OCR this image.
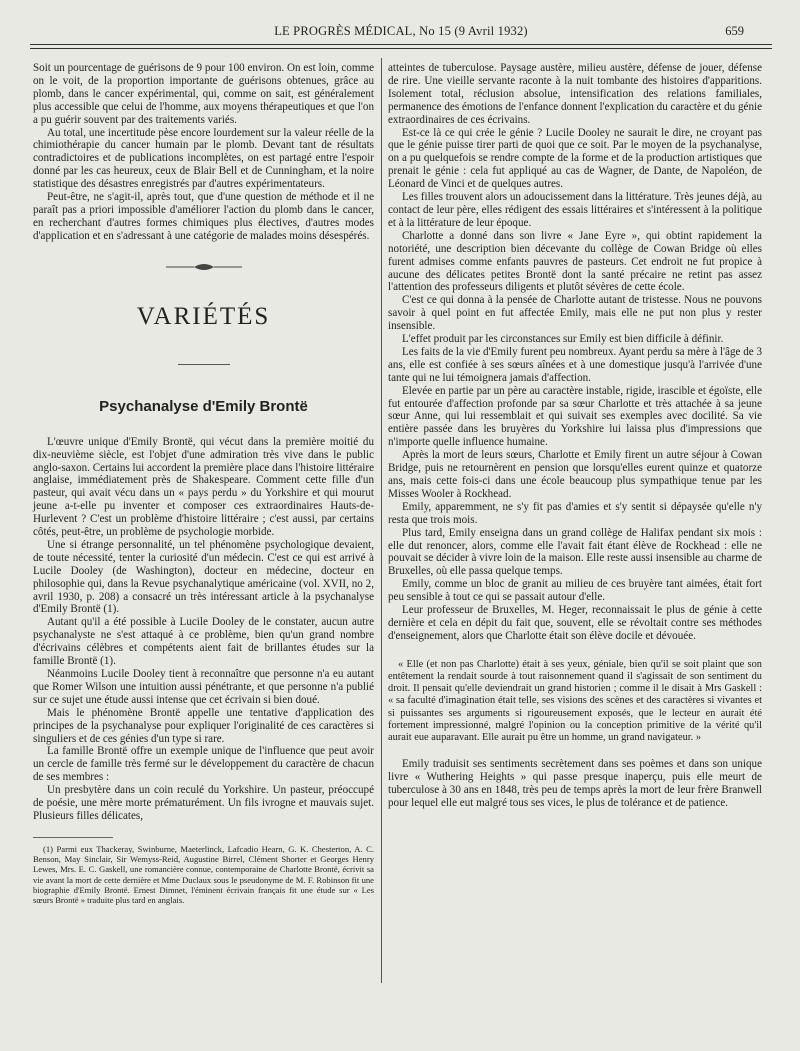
LE PROGRÈS MÉDICAL, No 15 (9 Avril 1932)	659

Soit un pourcentage de guérisons de 9 pour 100 environ. On est loin, comme on le voit, de la proportion importante de guérisons obtenues, grâce au plomb, dans le cancer expérimental, qui, comme on sait, est généralement plus accessible que celui de l'homme, aux moyens thérapeutiques et que l'on a pu guérir souvent par des traitements variés.

Au total, une incertitude pèse encore lourdement sur la valeur réelle de la chimiothérapie du cancer humain par le plomb. Devant tant de résultats contradictoires et de publications incomplètes, on est partagé entre l'espoir donné par les cas heureux, ceux de Blair Bell et de Cunningham, et la noire statistique des désastres enregistrés par d'autres expérimentateurs.

Peut-être, ne s'agit-il, après tout, que d'une question de méthode et il ne paraît pas a priori impossible d'améliorer l'action du plomb dans le cancer, en recherchant d'autres formes chimiques plus électives, d'autres modes d'application et en s'adressant à une catégorie de malades moins désespérés.

VARIÉTÉS
Psychanalyse d'Emily Brontë

L'œuvre unique d'Emily Brontë, qui vécut dans la première moitié du dix-neuvième siècle, est l'objet d'une admiration très vive dans le public anglo-saxon. Certains lui accordent la première place dans l'histoire littéraire anglaise, immédiatement près de Shakespeare. Comment cette fille d'un pasteur, qui avait vécu dans un « pays perdu » du Yorkshire et qui mourut jeune a-t-elle pu inventer et composer ces extraordinaires Hauts-de-Hurlevent ? C'est un problème d'histoire littéraire ; c'est aussi, par certains côtés, peut-être, un problème de psychologie morbide.

Une si étrange personnalité, un tel phénomène psychologique devaient, de toute nécessité, tenter la curiosité d'un médecin. C'est ce qui est arrivé à Lucile Dooley (de Washington), docteur en médecine, docteur en philosophie qui, dans la Revue psychanalytique américaine (vol. XVII, no 2, avril 1930, p. 208) a consacré un très intéressant article à la psychanalyse d'Emily Brontë (1).

Autant qu'il a été possible à Lucile Dooley de le constater, aucun autre psychanalyste ne s'est attaqué à ce problème, bien qu'un grand nombre d'écrivains célèbres et compétents aient fait de brillantes études sur la famille Brontë (1).

Néanmoins Lucile Dooley tient à reconnaître que personne n'a eu autant que Romer Wilson une intuition aussi pénétrante, et que personne n'a publié sur ce sujet une étude aussi intense que cet écrivain si bien doué.

Mais le phénomène Brontë appelle une tentative d'application des principes de la psychanalyse pour expliquer l'originalité de ces caractères si singuliers et de ces génies d'un type si rare.

La famille Brontë offre un exemple unique de l'influence que peut avoir un cercle de famille très fermé sur le développement du caractère de chacun de ses membres :

Un presbytère dans un coin reculé du Yorkshire. Un pasteur, préoccupé de poésie, une mère morte prématurément. Un fils ivrogne et mauvais sujet. Plusieurs filles délicates,

(1) Parmi eux Thackeray, Swinburne, Maeterlinck, Lafcadio Hearn, G. K. Chesterton, A. C. Benson, May Sinclair, Sir Wemyss-Reid, Augustine Birrel, Clément Shorter et Georges Henry Lewes, Mrs. E. C. Gaskell, une romancière connue, contemporaine de Charlotte Brontë, écrivit sa vie avant la mort de cette dernière et Mme Duclaux sous le pseudonyme de M. F. Robinson fit une biographie d'Emily Brontë. Ernest Dimnet, l'éminent écrivain français fit une étude sur « Les sœurs Brontë » traduite plus tard en anglais.

atteintes de tuberculose. Paysage austère, milieu austère, défense de jouer, défense de rire. Une vieille servante raconte à la nuit tombante des histoires d'apparitions. Isolement total, réclusion absolue, intensification des relations familiales, permanence des émotions de l'enfance donnent l'explication du caractère et du génie extraordinaires de ces écrivains.

Est-ce là ce qui crée le génie ? Lucile Dooley ne saurait le dire, ne croyant pas que le génie puisse tirer parti de quoi que ce soit. Par le moyen de la psychanalyse, on a pu quelquefois se rendre compte de la forme et de la production artistiques que prenait le génie : cela fut appliqué au cas de Wagner, de Dante, de Napoléon, de Léonard de Vinci et de quelques autres.

Les filles trouvent alors un adoucissement dans la littérature. Très jeunes déjà, au contact de leur père, elles rédigent des essais littéraires et s'intéressent à la politique et à la littérature de leur époque.

Charlotte a donné dans son livre « Jane Eyre », qui obtint rapidement la notoriété, une description bien décevante du collège de Cowan Bridge où elles furent admises comme enfants pauvres de pasteurs. Cet endroit ne fut propice à aucune des délicates petites Brontë dont la santé précaire ne retint pas assez l'attention des professeurs diligents et plutôt sévères de cette école.

C'est ce qui donna à la pensée de Charlotte autant de tristesse. Nous ne pouvons savoir à quel point en fut affectée Emily, mais elle ne put non plus y rester insensible.

L'effet produit par les circonstances sur Emily est bien difficile à définir.

Les faits de la vie d'Emily furent peu nombreux. Ayant perdu sa mère à l'âge de 3 ans, elle est confiée à ses sœurs aînées et à une domestique jusqu'à l'arrivée d'une tante qui ne lui témoignera jamais d'affection.

Elevée en partie par un père au caractère instable, rigide, irascible et égoïste, elle fut entourée d'affection profonde par sa sœur Charlotte et très attachée à sa jeune sœur Anne, qui lui ressemblait et qui suivait ses exemples avec docilité. Sa vie entière passée dans les bruyères du Yorkshire lui laissa plus d'impressions que n'importe quelle influence humaine.

Après la mort de leurs sœurs, Charlotte et Emily firent un autre séjour à Cowan Bridge, puis ne retournèrent en pension que lorsqu'elles eurent quinze et quatorze ans, mais cette fois-ci dans une école beaucoup plus sympathique tenue par les Misses Wooler à Rockhead.

Emily, apparemment, ne s'y fit pas d'amies et s'y sentit si dépaysée qu'elle n'y resta que trois mois.

Plus tard, Emily enseigna dans un grand collège de Halifax pendant six mois : elle dut renoncer, alors, comme elle l'avait fait étant élève de Rockhead : elle ne pouvait se décider à vivre loin de la maison. Elle reste aussi insensible au charme de Bruxelles, où elle passa quelque temps.

Emily, comme un bloc de granit au milieu de ces bruyère tant aimées, était fort peu sensible à tout ce qui se passait autour d'elle.

Leur professeur de Bruxelles, M. Heger, reconnaissait le plus de génie à cette dernière et cela en dépit du fait que, souvent, elle se révoltait contre ses méthodes d'enseignement, alors que Charlotte était son élève docile et dévouée.

« Elle (et non pas Charlotte) était à ses yeux, géniale, bien qu'il se soit plaint que son entêtement la rendait sourde à tout raisonnement quand il s'agissait de son sentiment du droit. Il pensait qu'elle deviendrait un grand historien ; comme il le disait à Mrs Gaskell : « sa faculté d'imagination était telle, ses visions des scènes et des caractères si vivantes et si puissantes ses arguments si rigoureusement exposés, que le lecteur en aurait été fortement impressionné, malgré l'opinion ou la conception primitive de la vérité qu'il aurait eue auparavant. Elle aurait pu être un homme, un grand navigateur. »

Emily traduisit ses sentiments secrètement dans ses poèmes et dans son unique livre « Wuthering Heights » qui passe presque inaperçu, puis elle meurt de tuberculose à 30 ans en 1848, très peu de temps après la mort de leur frère Branwell pour lequel elle eut malgré tous ses vices, le plus de tolérance et de patience.
